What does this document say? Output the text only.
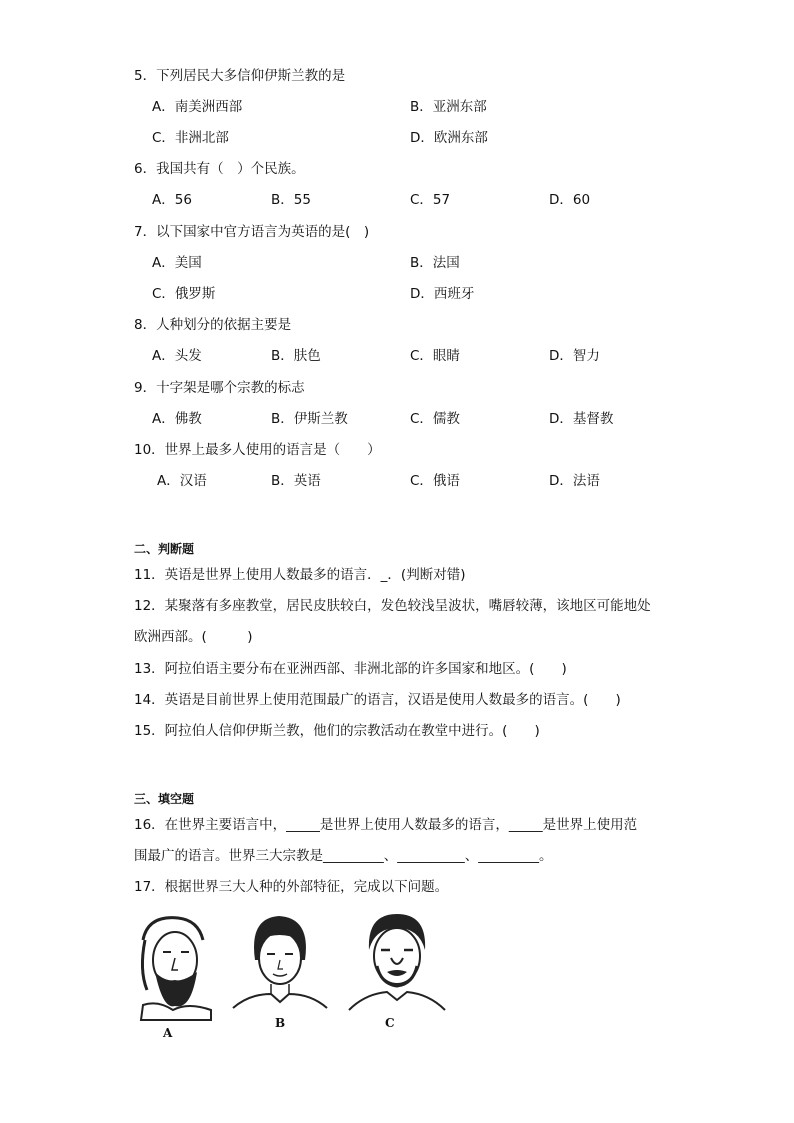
5．下列居民大多信仰伊斯兰教的是
A．南美洲西部	B．亚洲东部
C．非洲北部	D．欧洲东部
6．我国共有（　）个民族。
A．56	B．55	C．57	D．60
7．以下国家中官方语言为英语的是(　)
A．美国	B．法国
C．俄罗斯	D．西班牙
8．人种划分的依据主要是
A．头发	B．肤色	C．眼睛	D．智力
9．十字架是哪个宗教的标志
A．佛教	B．伊斯兰教	C．儒教	D．基督教
10．世界上最多人使用的语言是（　　）
A．汉语	B．英语	C．俄语	D．法语
二、判断题
11．英语是世界上使用人数最多的语言．_．(判断对错)
12．某聚落有多座教堂，居民皮肤较白，发色较浅呈波状，嘴唇较薄，该地区可能地处
欧洲西部。(　　　)
13．阿拉伯语主要分布在亚洲西部、非洲北部的许多国家和地区。(　　)
14．英语是目前世界上使用范围最广的语言，汉语是使用人数最多的语言。(　　)
15．阿拉伯人信仰伊斯兰教，他们的宗教活动在教堂中进行。(　　)
三、填空题
16．在世界主要语言中，_____是世界上使用人数最多的语言，_____是世界上使用范
围最广的语言。世界三大宗教是_________、__________、_________。
17．根据世界三大人种的外部特征，完成以下问题。
A
B	C
